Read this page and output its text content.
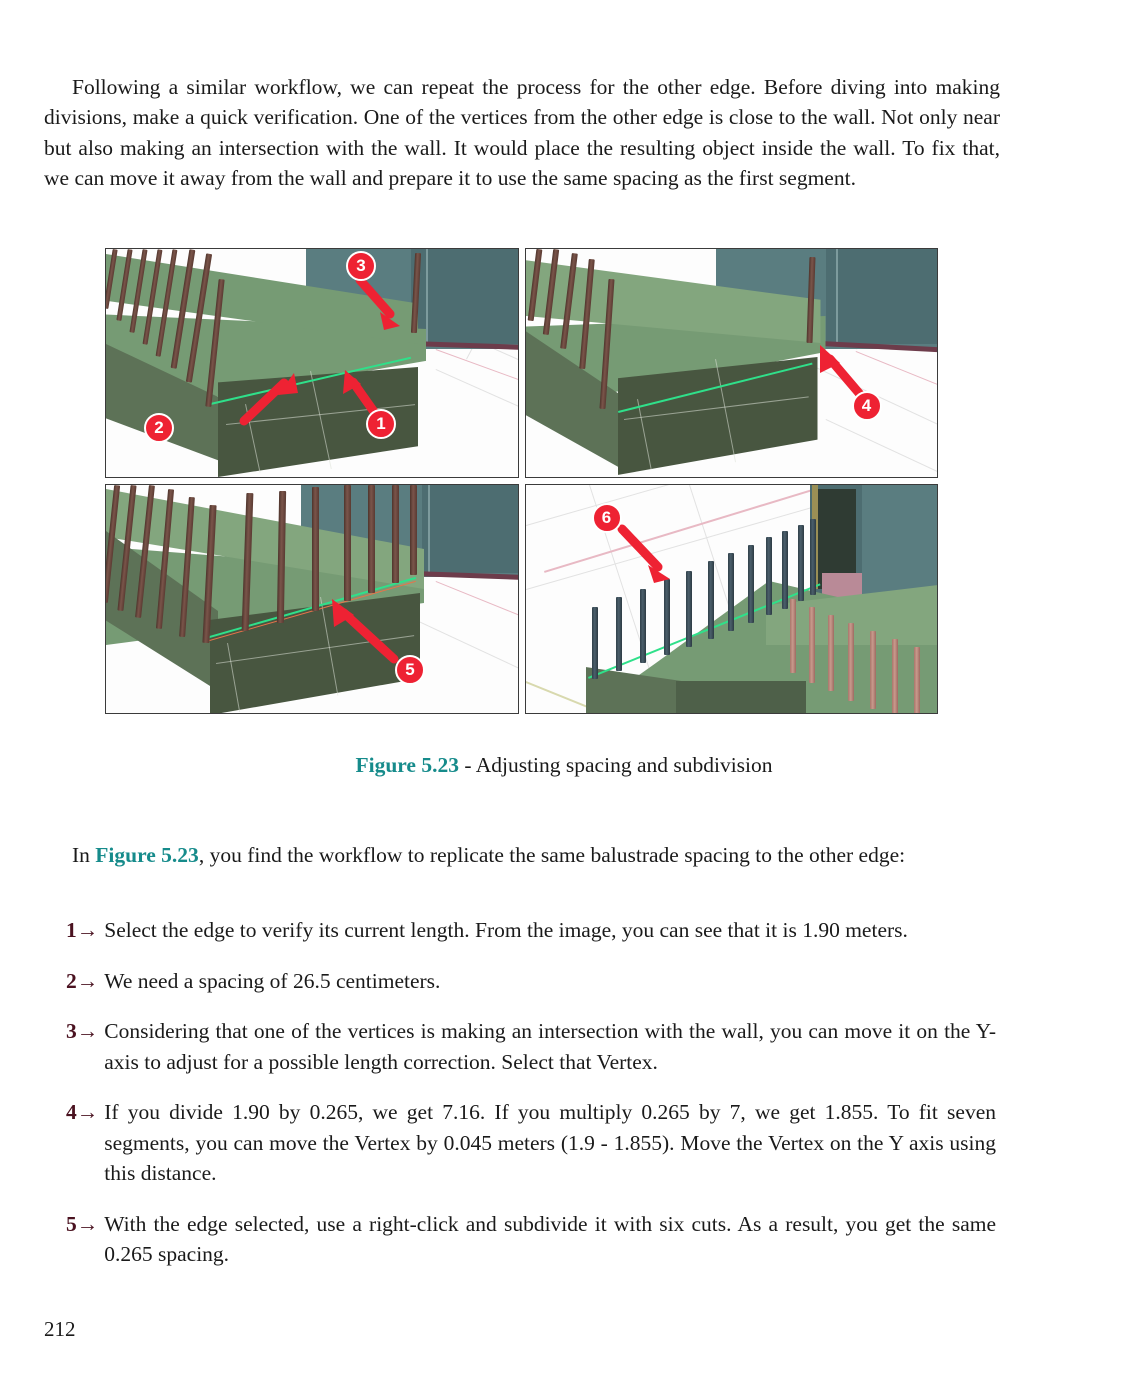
Following a similar workflow, we can repeat the process for the other edge. Before diving into making divisions, make a quick verification. One of the vertices from the other edge is close to the wall. Not only near but also making an intersection with the wall. It would place the resulting object inside the wall. To fix that, we can move it away from the wall and prepare it to use the same spacing as the first segment.

2	1
3
4
5
6
Figure 5.23 - Adjusting spacing and subdivision

In Figure 5.23, you find the workflow to replicate the same balustrade spacing to the other edge:

1→ Select the edge to verify its current length. From the image, you can see that it is 1.90 meters.
2→ We need a spacing of 26.5 centimeters.
3→ Considering that one of the vertices is making an intersection with the wall, you can move it on the Y-axis to adjust for a possible length correction. Select that Vertex.
4→ If you divide 1.90 by 0.265, we get 7.16. If you multiply 0.265 by 7, we get 1.855. To fit seven segments, you can move the Vertex by 0.045 meters (1.9 - 1.855). Move the Vertex on the Y axis using this distance.
5→ With the edge selected, use a right-click and subdivide it with six cuts. As a result, you get the same 0.265 spacing.
212
